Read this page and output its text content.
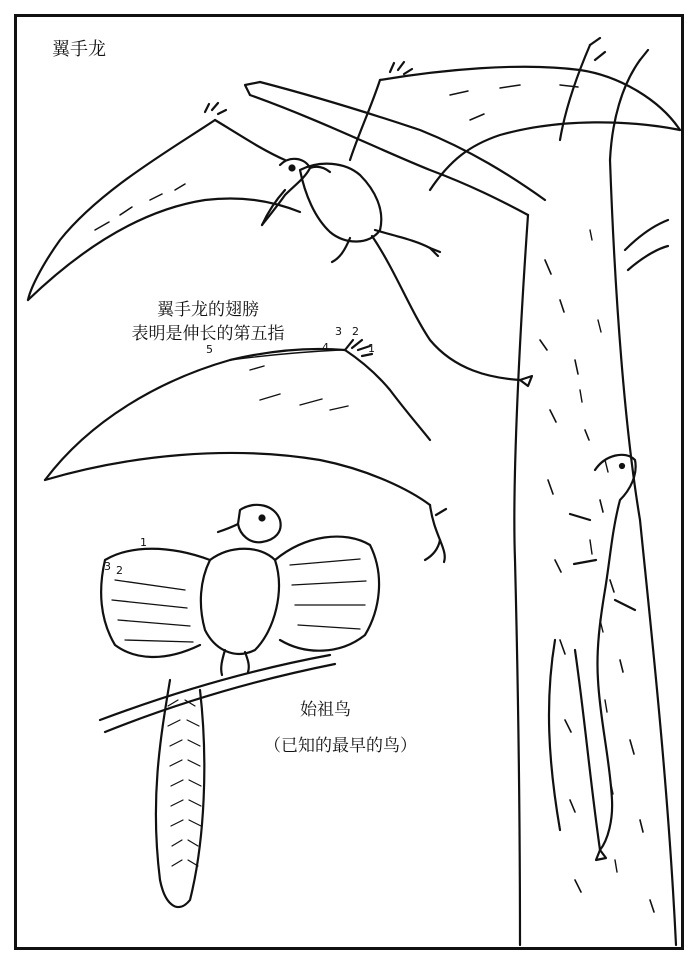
翼手龙
翼手龙的翅膀
表明是伸长的第五指
始祖鸟
（已知的最早的鸟）
5	4
3 2
1
1
3 2
